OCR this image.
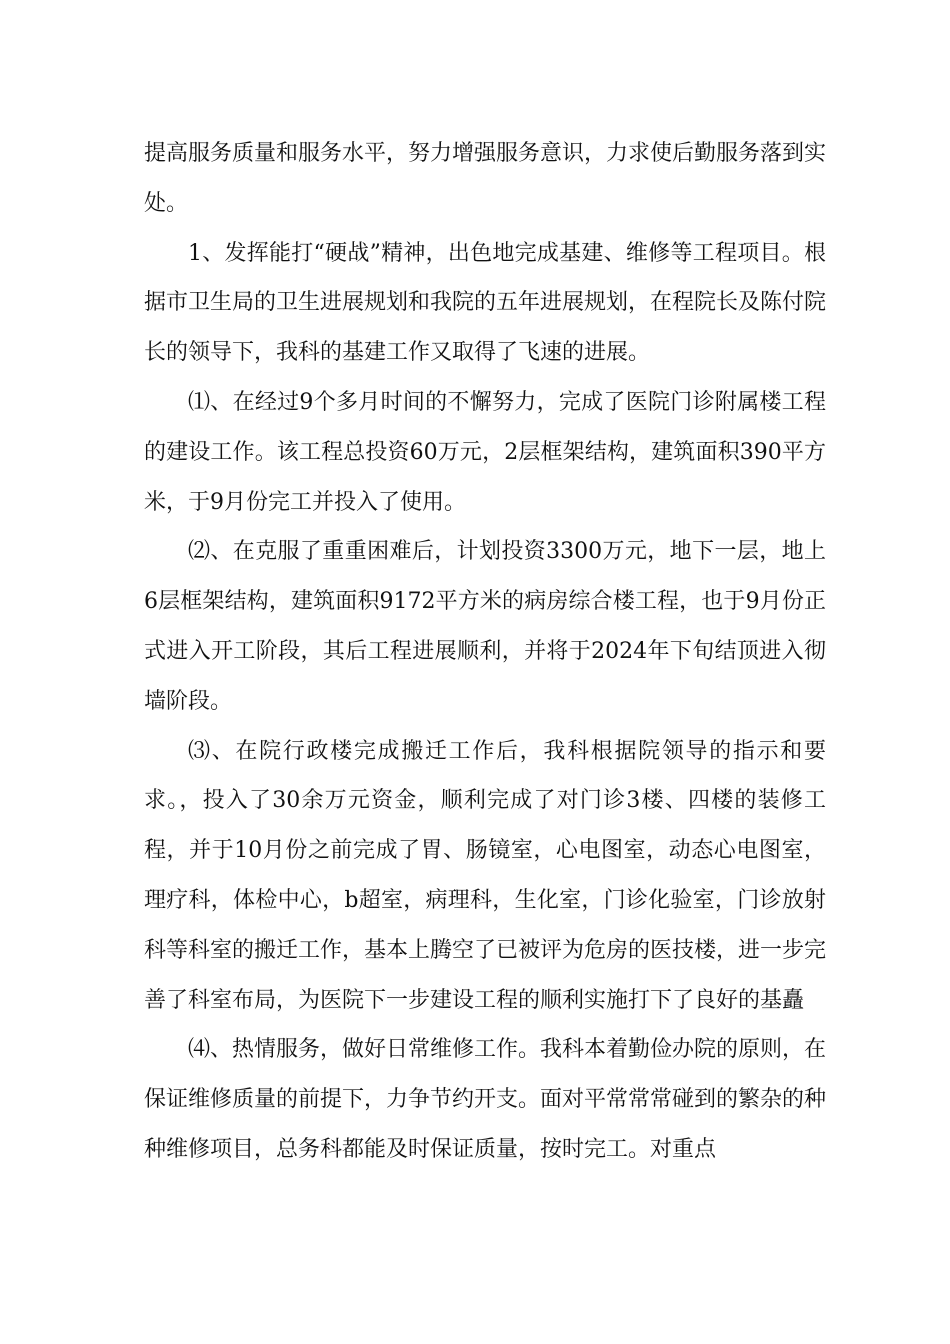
提高服务质量和服务水平，努力增强服务意识，力求使后勤服务落到实处。

1、发挥能打“硬战”精神，出色地完成基建、维修等工程项目。根据市卫生局的卫生进展规划和我院的五年进展规划，在程院长及陈付院长的领导下，我科的基建工作又取得了飞速的进展。

⑴、在经过9个多月时间的不懈努力，完成了医院门诊附属楼工程的建设工作。该工程总投资60万元，2层框架结构，建筑面积390平方米，于9月份完工并投入了使用。

⑵、在克服了重重困难后，计划投资3300万元，地下一层，地上6层框架结构，建筑面积9172平方米的病房综合楼工程，也于9月份正式进入开工阶段，其后工程进展顺利，并将于2024年下旬结顶进入彻墙阶段。

⑶、在院行政楼完成搬迁工作后，我科根据院领导的指示和要求。，投入了30余万元资金，顺利完成了对门诊3楼、四楼的装修工程，并于10月份之前完成了胃、肠镜室，心电图室，动态心电图室，理疗科，体检中心，b超室，病理科，生化室，门诊化验室，门诊放射科等科室的搬迁工作，基本上腾空了已被评为危房的医技楼，进一步完善了科室布局，为医院下一步建设工程的顺利实施打下了良好的基矗

⑷、热情服务，做好日常维修工作。我科本着勤俭办院的原则，在保证维修质量的前提下，力争节约开支。面对平常常常碰到的繁杂的种种维修项目，总务科都能及时保证质量，按时完工。对重点
